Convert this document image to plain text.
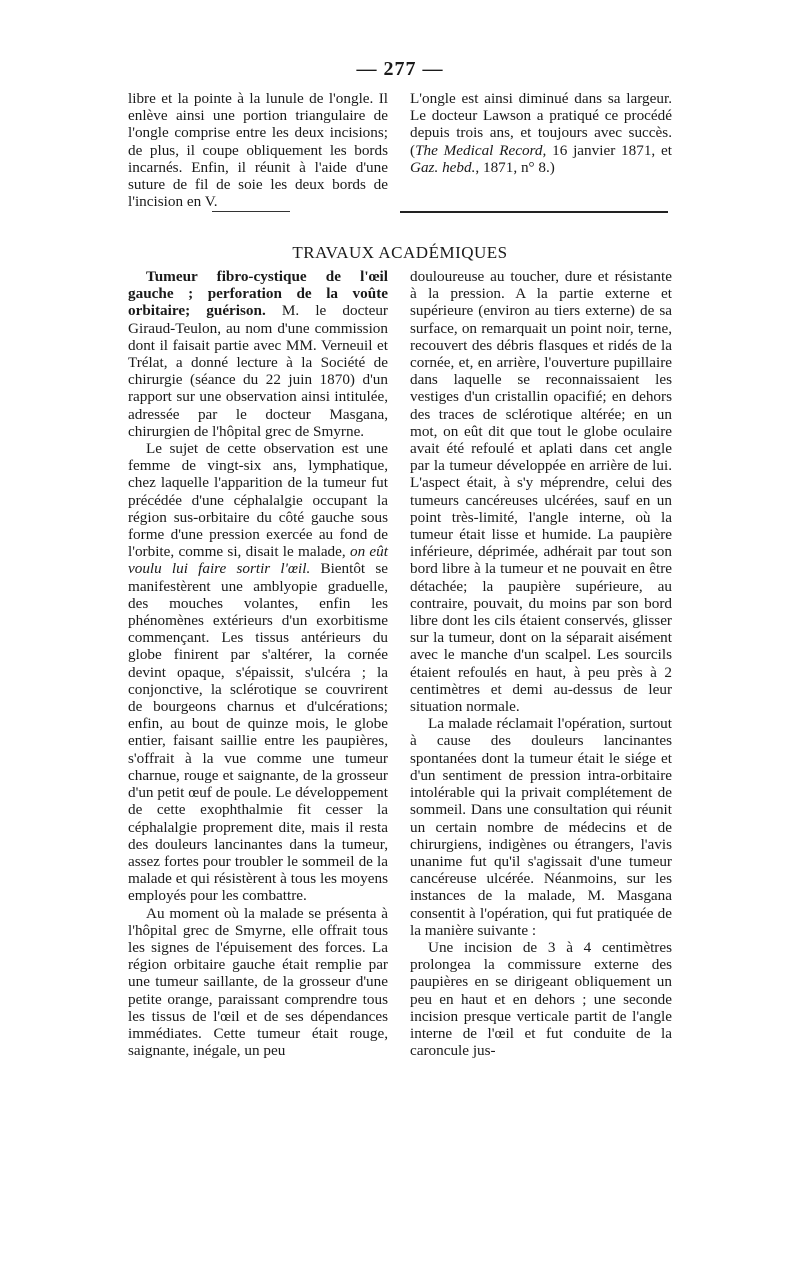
— 277 —

libre et la pointe à la lunule de l'ongle. Il enlève ainsi une portion triangulaire de l'ongle comprise entre les deux incisions; de plus, il coupe obliquement les bords incarnés. Enfin, il réunit à l'aide d'une suture de fil de soie les deux bords de l'incision en V.

L'ongle est ainsi diminué dans sa largeur. Le docteur Lawson a pratiqué ce procédé depuis trois ans, et toujours avec succès. (The Medical Record, 16 janvier 1871, et Gaz. hebd., 1871, n° 8.)

TRAVAUX ACADÉMIQUES

Tumeur fibro-cystique de l'œil gauche ; perforation de la voûte orbitaire; guérison. M. le docteur Giraud-Teulon, au nom d'une commission dont il faisait partie avec MM. Verneuil et Trélat, a donné lecture à la Société de chirurgie (séance du 22 juin 1870) d'un rapport sur une observation ainsi intitulée, adressée par le docteur Masgana, chirurgien de l'hôpital grec de Smyrne.

Le sujet de cette observation est une femme de vingt-six ans, lymphatique, chez laquelle l'apparition de la tumeur fut précédée d'une céphalalgie occupant la région sus-orbitaire du côté gauche sous forme d'une pression exercée au fond de l'orbite, comme si, disait le malade, on eût voulu lui faire sortir l'œil. Bientôt se manifestèrent une amblyopie graduelle, des mouches volantes, enfin les phénomènes extérieurs d'un exorbitisme commençant. Les tissus antérieurs du globe finirent par s'altérer, la cornée devint opaque, s'épaissit, s'ulcéra ; la conjonctive, la sclérotique se couvrirent de bourgeons charnus et d'ulcérations; enfin, au bout de quinze mois, le globe entier, faisant saillie entre les paupières, s'offrait à la vue comme une tumeur charnue, rouge et saignante, de la grosseur d'un petit œuf de poule. Le développement de cette exophthalmie fit cesser la céphalalgie proprement dite, mais il resta des douleurs lancinantes dans la tumeur, assez fortes pour troubler le sommeil de la malade et qui résistèrent à tous les moyens employés pour les combattre.

Au moment où la malade se présenta à l'hôpital grec de Smyrne, elle offrait tous les signes de l'épuisement des forces. La région orbitaire gauche était remplie par une tumeur saillante, de la grosseur d'une petite orange, paraissant comprendre tous les tissus de l'œil et de ses dépendances immédiates. Cette tumeur était rouge, saignante, inégale, un peu

douloureuse au toucher, dure et résistante à la pression. A la partie externe et supérieure (environ au tiers externe) de sa surface, on remarquait un point noir, terne, recouvert des débris flasques et ridés de la cornée, et, en arrière, l'ouverture pupillaire dans laquelle se reconnaissaient les vestiges d'un cristallin opacifié; en dehors des traces de sclérotique altérée; en un mot, on eût dit que tout le globe oculaire avait été refoulé et aplati dans cet angle par la tumeur développée en arrière de lui. L'aspect était, à s'y méprendre, celui des tumeurs cancéreuses ulcérées, sauf en un point très-limité, l'angle interne, où la tumeur était lisse et humide. La paupière inférieure, déprimée, adhérait par tout son bord libre à la tumeur et ne pouvait en être détachée; la paupière supérieure, au contraire, pouvait, du moins par son bord libre dont les cils étaient conservés, glisser sur la tumeur, dont on la séparait aisément avec le manche d'un scalpel. Les sourcils étaient refoulés en haut, à peu près à 2 centimètres et demi au-dessus de leur situation normale.

La malade réclamait l'opération, surtout à cause des douleurs lancinantes spontanées dont la tumeur était le siége et d'un sentiment de pression intra-orbitaire intolérable qui la privait complétement de sommeil. Dans une consultation qui réunit un certain nombre de médecins et de chirurgiens, indigènes ou étrangers, l'avis unanime fut qu'il s'agissait d'une tumeur cancéreuse ulcérée. Néanmoins, sur les instances de la malade, M. Masgana consentit à l'opération, qui fut pratiquée de la manière suivante :

Une incision de 3 à 4 centimètres prolongea la commissure externe des paupières en se dirigeant obliquement un peu en haut et en dehors ; une seconde incision presque verticale partit de l'angle interne de l'œil et fut conduite de la caroncule jus-
